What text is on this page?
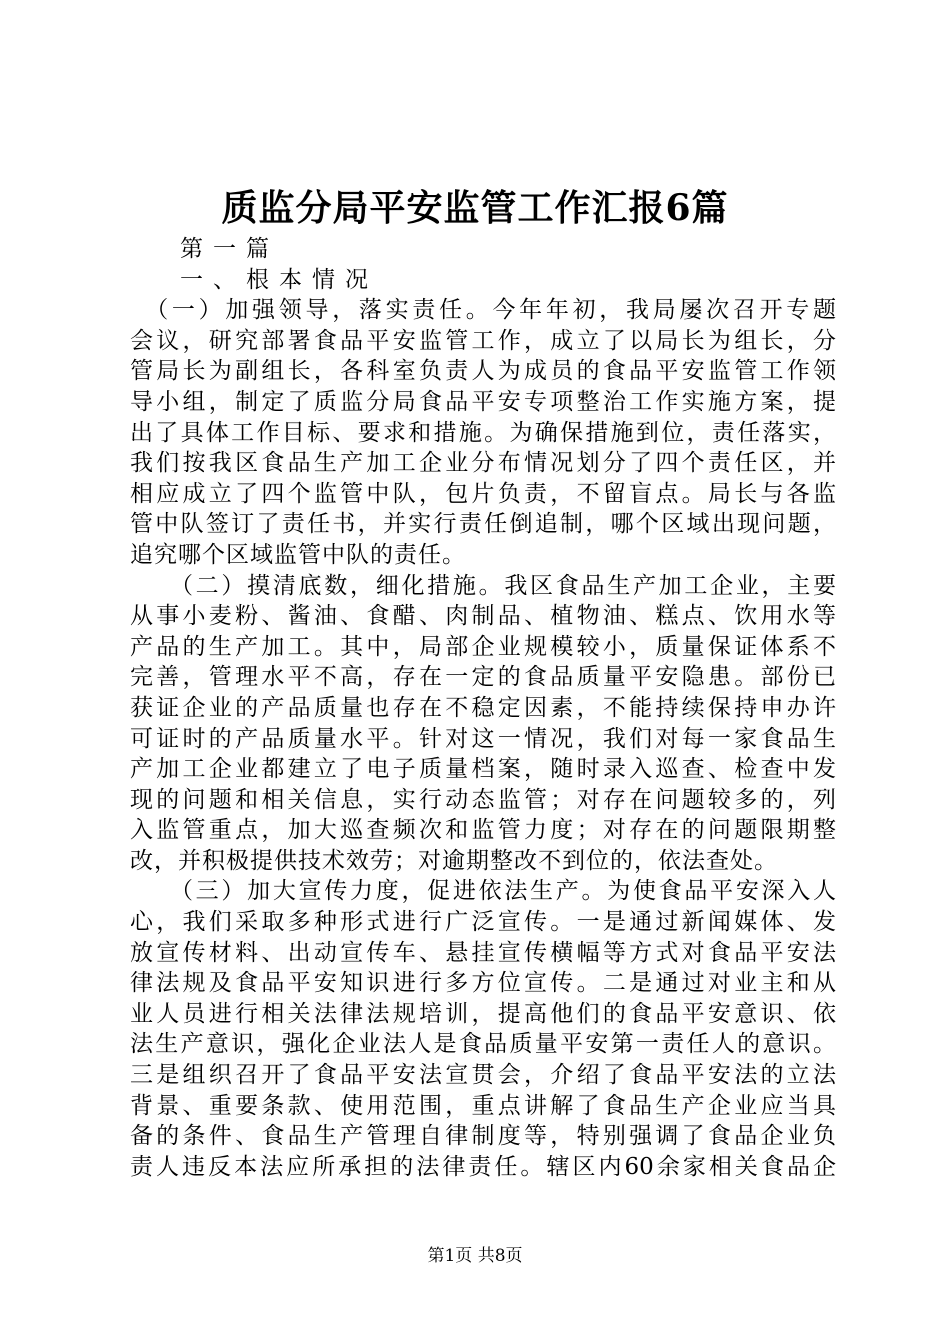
质监分局平安监管工作汇报6篇
第一篇
一、根本情况
　（一）加强领导，落实责任。今年年初，我局屡次召开专题
会议，研究部署食品平安监管工作，成立了以局长为组长，分
管局长为副组长，各科室负责人为成员的食品平安监管工作领
导小组，制定了质监分局食品平安专项整治工作实施方案，提
出了具体工作目标、要求和措施。为确保措施到位，责任落实，
我们按我区食品生产加工企业分布情况划分了四个责任区，并
相应成立了四个监管中队，包片负责，不留盲点。局长与各监
管中队签订了责任书，并实行责任倒追制，哪个区域出现问题，
追究哪个区域监管中队的责任。
　　（二）摸清底数，细化措施。我区食品生产加工企业，主要
从事小麦粉、酱油、食醋、肉制品、植物油、糕点、饮用水等
产品的生产加工。其中，局部企业规模较小，质量保证体系不
完善，管理水平不高，存在一定的食品质量平安隐患。部份已
获证企业的产品质量也存在不稳定因素，不能持续保持申办许
可证时的产品质量水平。针对这一情况，我们对每一家食品生
产加工企业都建立了电子质量档案，随时录入巡查、检查中发
现的问题和相关信息，实行动态监管；对存在问题较多的，列
入监管重点，加大巡查频次和监管力度；对存在的问题限期整
改，并积极提供技术效劳；对逾期整改不到位的，依法查处。
　　（三）加大宣传力度，促进依法生产。为使食品平安深入人
心，我们采取多种形式进行广泛宣传。一是通过新闻媒体、发
放宣传材料、出动宣传车、悬挂宣传横幅等方式对食品平安法
律法规及食品平安知识进行多方位宣传。二是通过对业主和从
业人员进行相关法律法规培训，提高他们的食品平安意识、依
法生产意识，强化企业法人是食品质量平安第一责任人的意识。
三是组织召开了食品平安法宣贯会，介绍了食品平安法的立法
背景、重要条款、使用范围，重点讲解了食品生产企业应当具
备的条件、食品生产管理自律制度等，特别强调了食品企业负
责人违反本法应所承担的法律责任。辖区内60余家相关食品企
第1页 共8页
